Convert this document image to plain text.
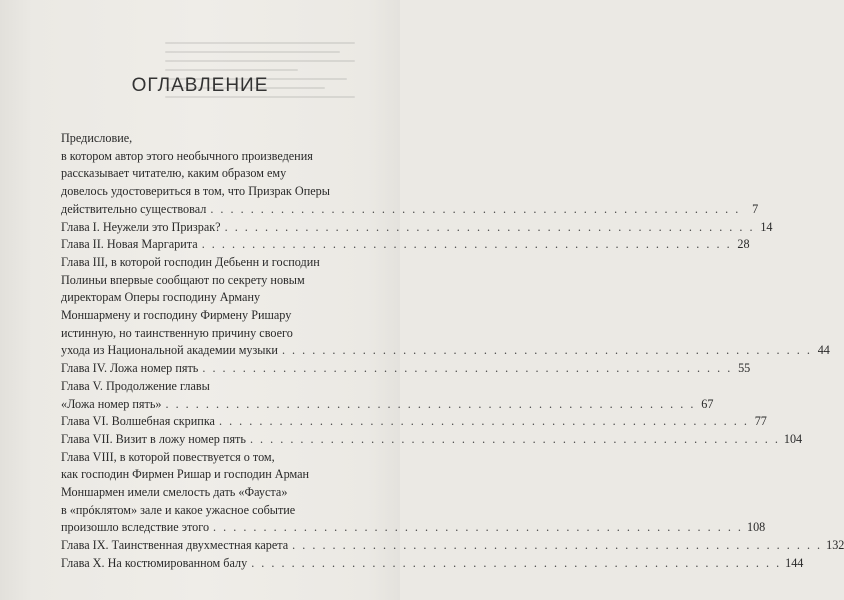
ОГЛАВЛЕНИЕ
Предисловие,
в котором автор этого необычного произведения
рассказывает читателю, каким образом ему
довелось удостовериться в том, что Призрак Оперы
действительно существовал . . .	7
Глава I. Неужели это Призрак? . . .	14
Глава II. Новая Маргарита . . .	28
Глава III, в которой господин Дебьенн и господин
Полиньи впервые сообщают по секрету новым
директорам Оперы господину Арману
Моншармену и господину Фирмену Ришару
истинную, но таинственную причину своего
ухода из Национальной академии музыки . . .	44
Глава IV. Ложа номер пять . . .	55
Глава V. Продолжение главы
«Ложа номер пять» . . .	67
Глава VI. Волшебная скрипка . . .	77
Глава VII. Визит в ложу номер пять . . .	104
Глава VIII, в которой повествуется о том,
как господин Фирмен Ришар и господин Арман
Моншармен имели смелость дать «Фауста»
в «прóклятом» зале и какое ужасное событие
произошло вследствие этого . . .	108
Глава IX. Таинственная двухместная карета . . .	132
Глава X. На костюмированном балу . . .	144
